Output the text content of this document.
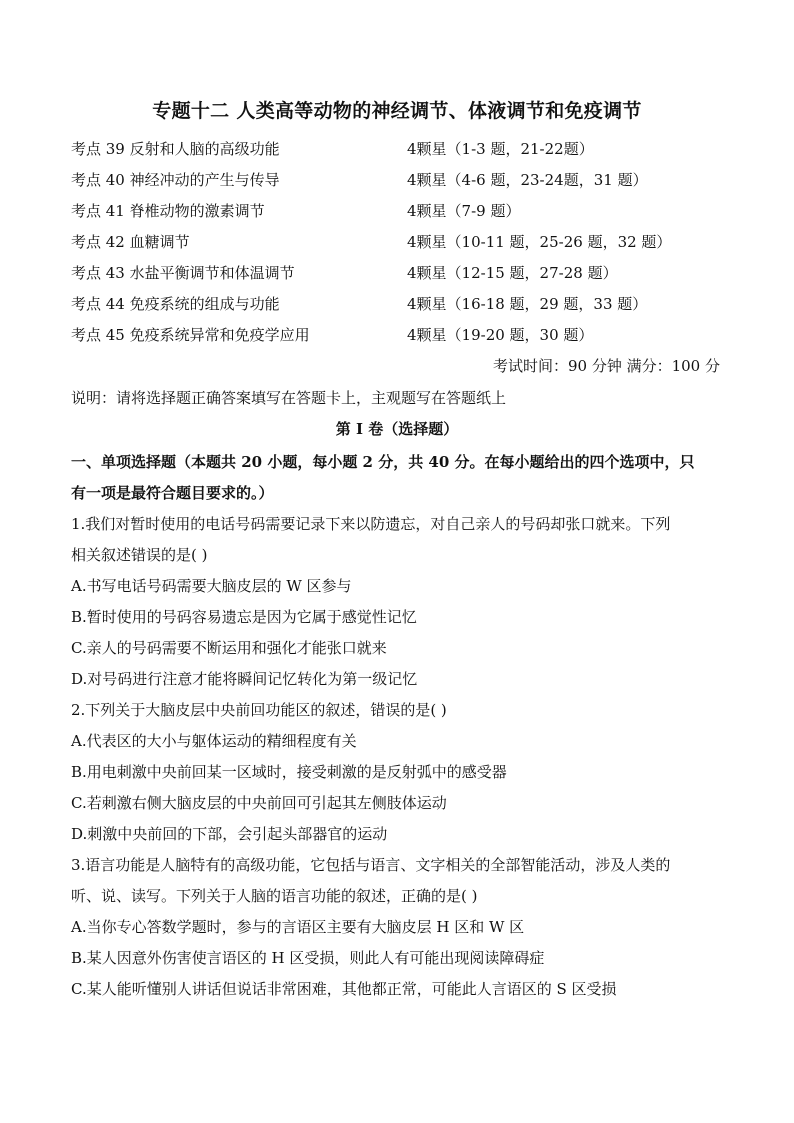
专题十二 人类高等动物的神经调节、体液调节和免疫调节
考点 39 反射和人脑的高级功能	4颗星（1-3 题，21-22题）
考点 40 神经冲动的产生与传导	4颗星（4-6 题，23-24题，31 题）
考点 41 脊椎动物的激素调节	4颗星（7-9 题）
考点 42 血糖调节	4颗星（10-11 题，25-26 题，32 题）
考点 43 水盐平衡调节和体温调节	4颗星（12-15 题，27-28 题）
考点 44 免疫系统的组成与功能	4颗星（16-18 题，29 题，33 题）
考点 45 免疫系统异常和免疫学应用	4颗星（19-20 题，30 题）
考试时间：90 分钟 满分：100 分
说明：请将选择题正确答案填写在答题卡上，主观题写在答题纸上
第 I 卷（选择题）
一、单项选择题（本题共 20 小题，每小题 2 分，共 40 分。在每小题给出的四个选项中，只
有一项是最符合题目要求的。）
1.我们对暂时使用的电话号码需要记录下来以防遗忘，对自己亲人的号码却张口就来。下列
相关叙述错误的是( )
A.书写电话号码需要大脑皮层的 W 区参与
B.暂时使用的号码容易遗忘是因为它属于感觉性记忆
C.亲人的号码需要不断运用和强化才能张口就来
D.对号码进行注意才能将瞬间记忆转化为第一级记忆
2.下列关于大脑皮层中央前回功能区的叙述，错误的是( )
A.代表区的大小与躯体运动的精细程度有关
B.用电刺激中央前回某一区域时，接受刺激的是反射弧中的感受器
C.若刺激右侧大脑皮层的中央前回可引起其左侧肢体运动
D.刺激中央前回的下部，会引起头部器官的运动
3.语言功能是人脑特有的高级功能，它包括与语言、文字相关的全部智能活动，涉及人类的
听、说、读写。下列关于人脑的语言功能的叙述，正确的是( )
A.当你专心答数学题时，参与的言语区主要有大脑皮层 H 区和 W 区
B.某人因意外伤害使言语区的 H 区受损，则此人有可能出现阅读障碍症
C.某人能听懂别人讲话但说话非常困难，其他都正常，可能此人言语区的 S 区受损
